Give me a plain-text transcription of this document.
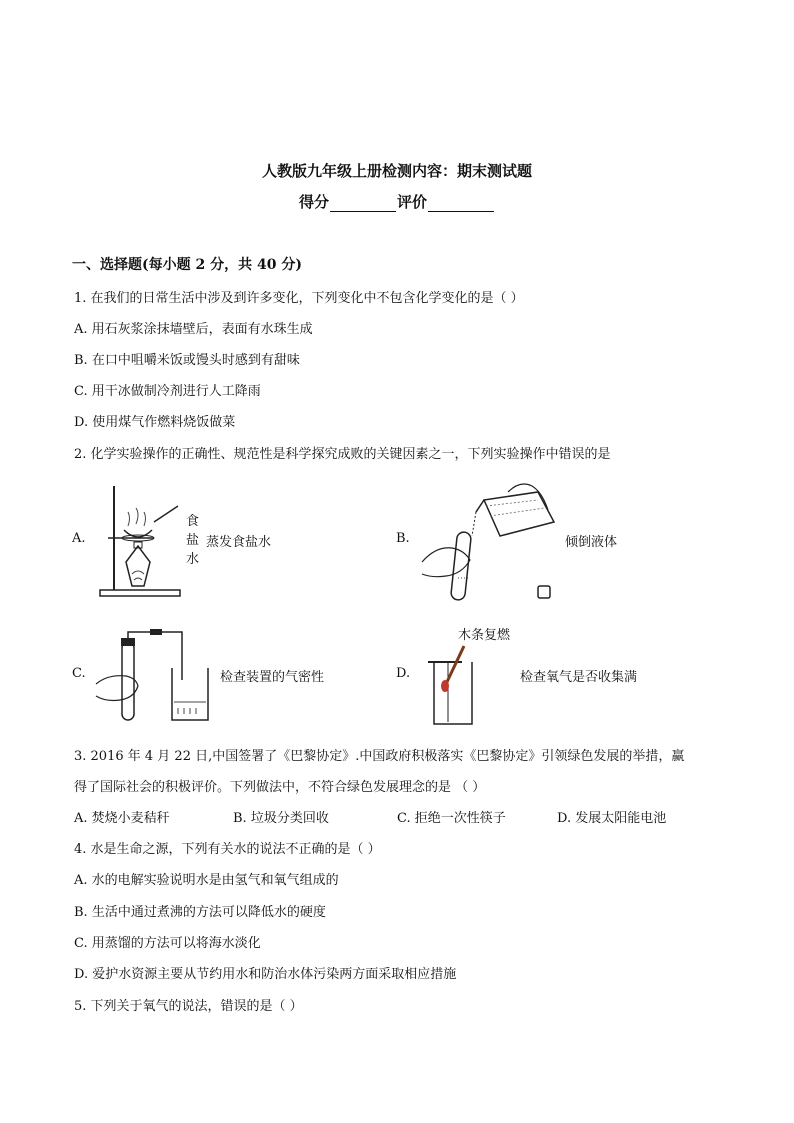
人教版九年级上册检测内容：期末测试题
得分	评价
一、选择题(每小题 2 分，共 40 分)
1. 在我们的日常生活中涉及到许多变化，下列变化中不包含化学变化的是（ ）
A. 用石灰浆涂抹墙壁后，表面有水珠生成
B. 在口中咀嚼米饭或馒头时感到有甜味
C. 用干冰做制冷剂进行人工降雨
D. 使用煤气作燃料烧饭做菜
2. 化学实验操作的正确性、规范性是科学探究成败的关键因素之一，下列实验操作中错误的是
A.
食
盐
水
蒸发食盐水	B.	倾倒液体
C.	检查装置的气密性	D.
木条复燃
检查氧气是否收集满
3. 2016 年 4 月 22 日,中国签署了《巴黎协定》.中国政府积极落实《巴黎协定》引领绿色发展的举措，赢
得了国际社会的积极评价。下列做法中，不符合绿色发展理念的是 （ ）
A. 焚烧小麦秸秆	B. 垃圾分类回收	C. 拒绝一次性筷子	D. 发展太阳能电池
4. 水是生命之源，下列有关水的说法不正确的是（ ）
A. 水的电解实验说明水是由氢气和氧气组成的
B. 生活中通过煮沸的方法可以降低水的硬度
C. 用蒸馏的方法可以将海水淡化
D. 爱护水资源主要从节约用水和防治水体污染两方面采取相应措施
5. 下列关于氧气的说法，错误的是（ ）
